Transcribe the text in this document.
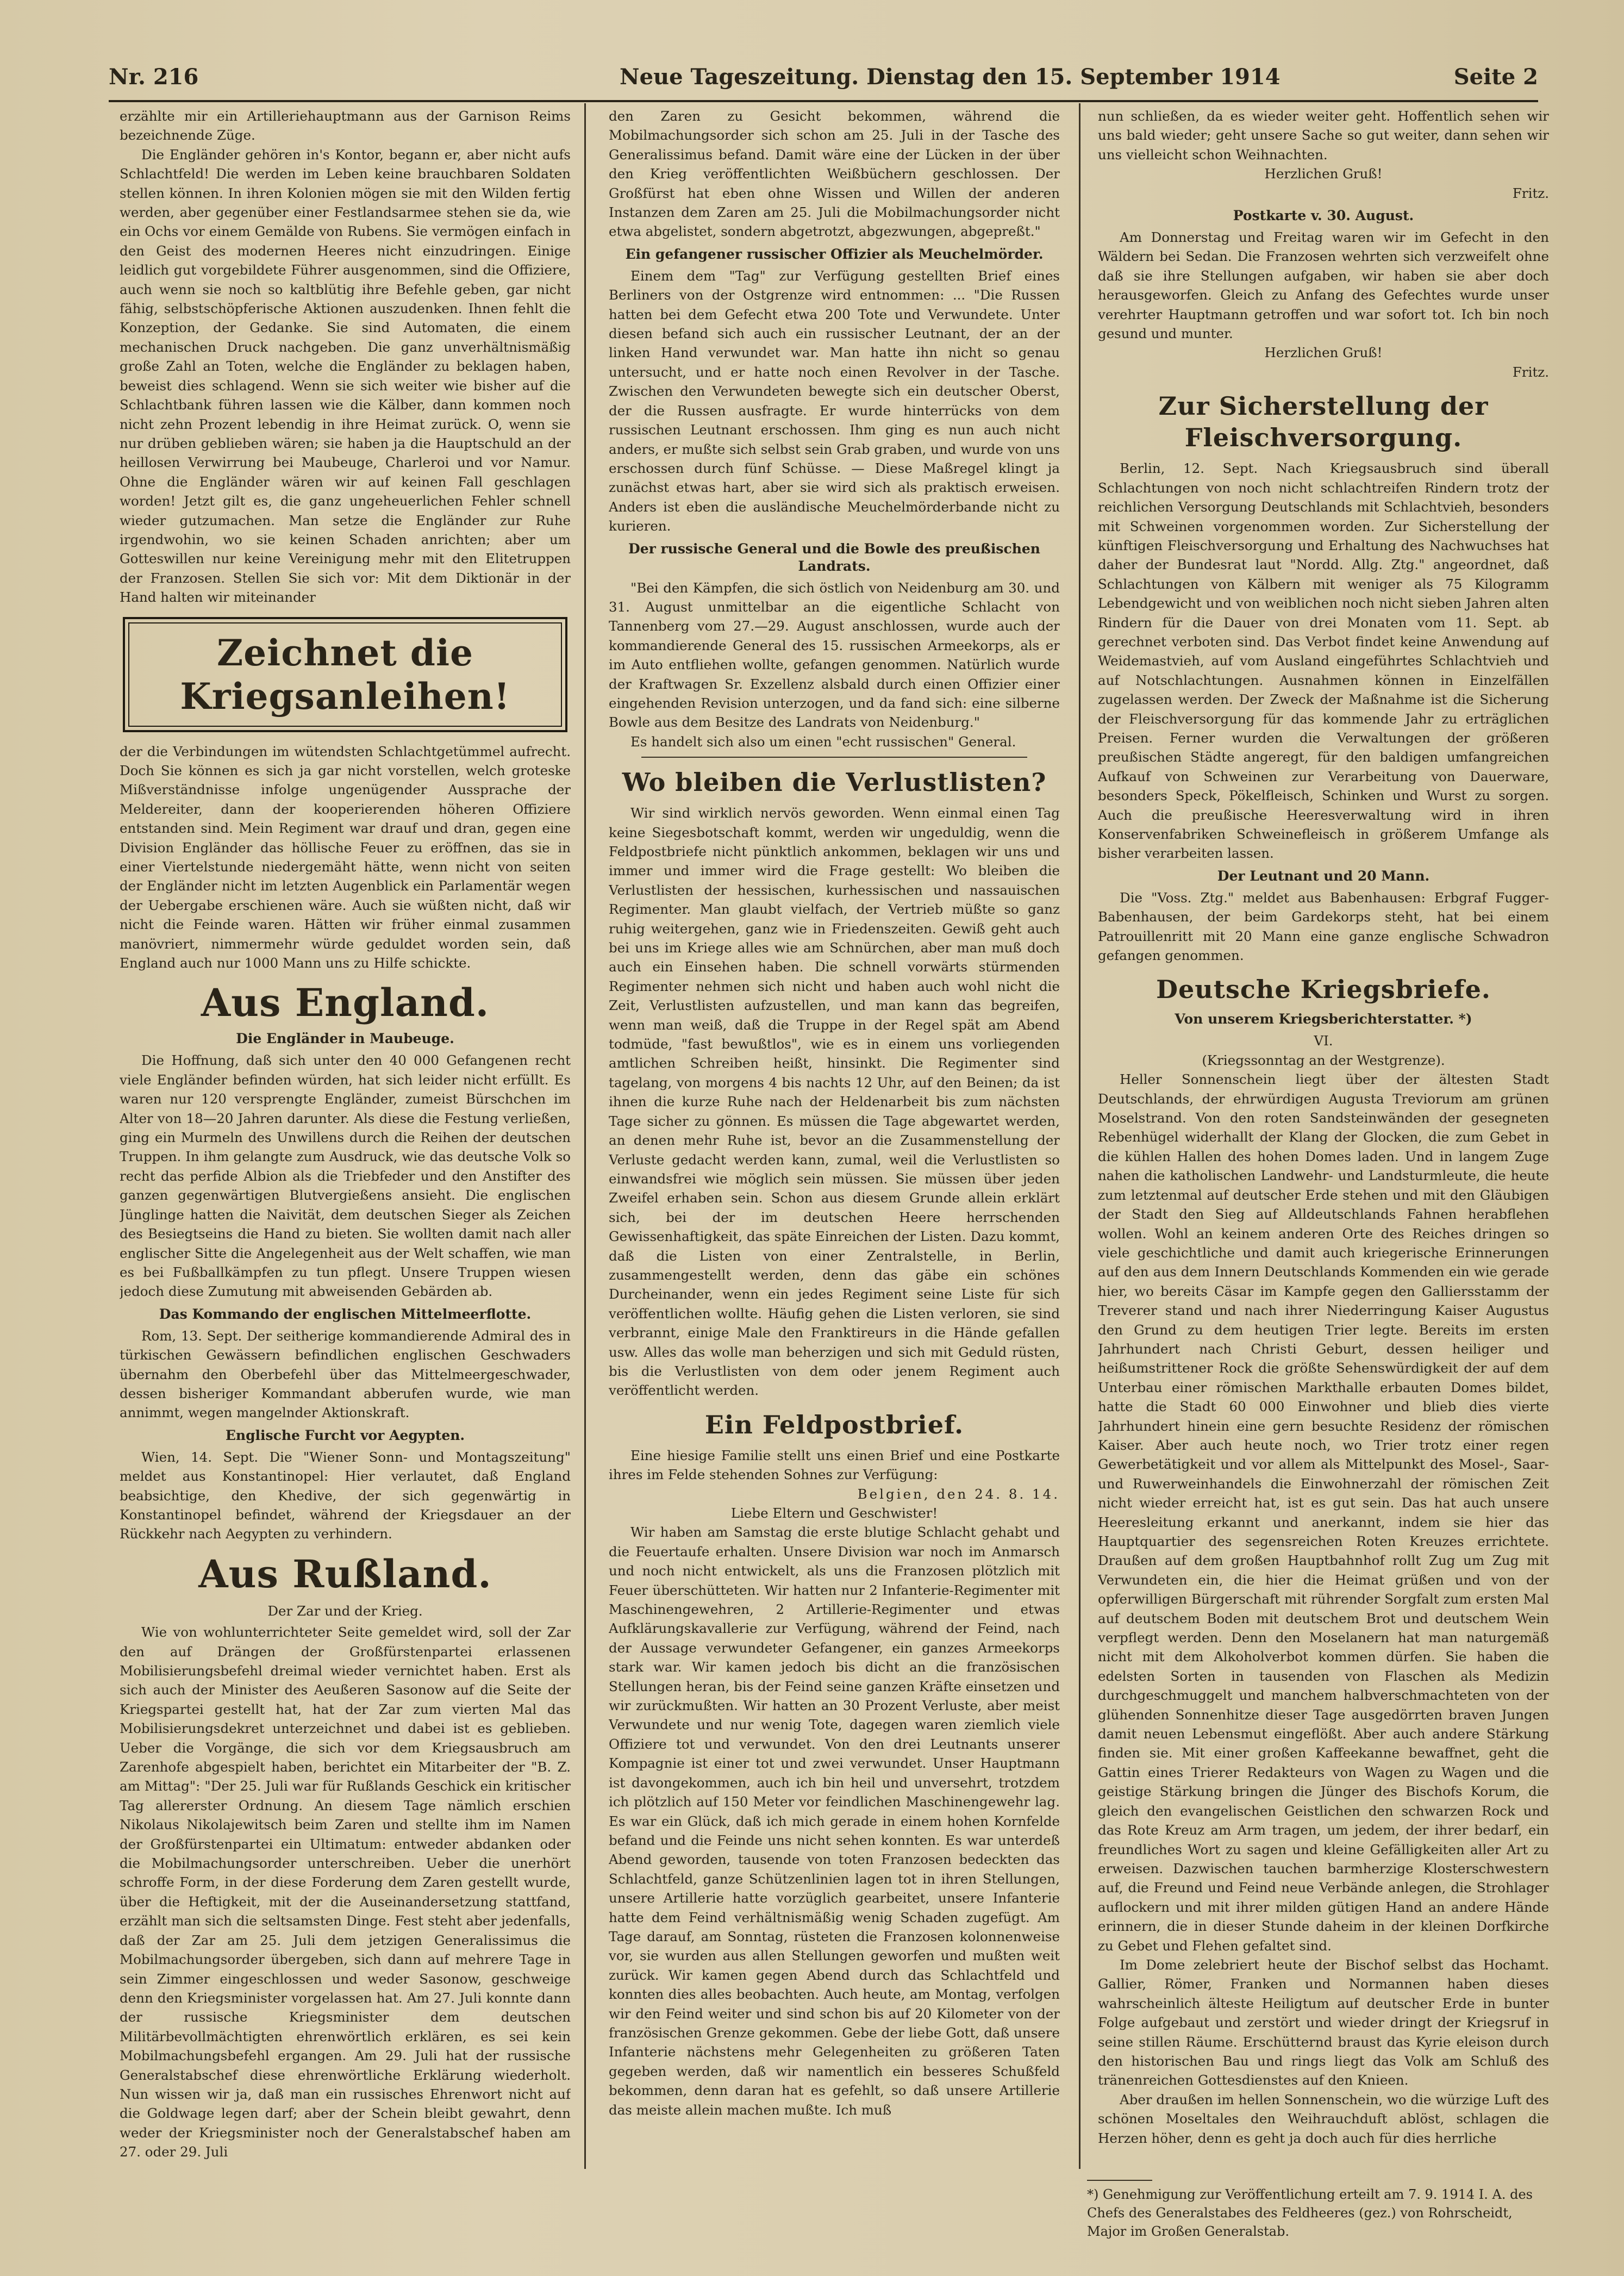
Nr. 216	Neue Tageszeitung. Dienstag den 15. September 1914	Seite 2

erzählte mir ein Artilleriehauptmann aus der Garnison Reims bezeichnende Züge.

Die Engländer gehören in's Kontor, begann er, aber nicht aufs Schlachtfeld! Die werden im Leben keine brauchbaren Soldaten stellen können. In ihren Kolonien mögen sie mit den Wilden fertig werden, aber gegenüber einer Festlandsarmee stehen sie da, wie ein Ochs vor einem Gemälde von Rubens. Sie vermögen einfach in den Geist des modernen Heeres nicht einzudringen. Einige leidlich gut vorgebildete Führer ausgenommen, sind die Offiziere, auch wenn sie noch so kaltblütig ihre Befehle geben, gar nicht fähig, selbstschöpferische Aktionen auszudenken. Ihnen fehlt die Konzeption, der Gedanke. Sie sind Automaten, die einem mechanischen Druck nachgeben. Die ganz unverhältnismäßig große Zahl an Toten, welche die Engländer zu beklagen haben, beweist dies schlagend. Wenn sie sich weiter wie bisher auf die Schlachtbank führen lassen wie die Kälber, dann kommen noch nicht zehn Prozent lebendig in ihre Heimat zurück. O, wenn sie nur drüben geblieben wären; sie haben ja die Hauptschuld an der heillosen Verwirrung bei Maubeuge, Charleroi und vor Namur. Ohne die Engländer wären wir auf keinen Fall geschlagen worden! Jetzt gilt es, die ganz ungeheuerlichen Fehler schnell wieder gutzumachen. Man setze die Engländer zur Ruhe irgendwohin, wo sie keinen Schaden anrichten; aber um Gotteswillen nur keine Vereinigung mehr mit den Elitetruppen der Franzosen. Stellen Sie sich vor: Mit dem Diktionär in der Hand halten wir miteinander

Zeichnet die Kriegsanleihen!

der die Verbindungen im wütendsten Schlachtgetümmel aufrecht. Doch Sie können es sich ja gar nicht vorstellen, welch groteske Mißverständnisse infolge ungenügender Aussprache der Meldereiter, dann der kooperierenden höheren Offiziere entstanden sind. Mein Regiment war drauf und dran, gegen eine Division Engländer das höllische Feuer zu eröffnen, das sie in einer Viertelstunde niedergemäht hätte, wenn nicht von seiten der Engländer nicht im letzten Augenblick ein Parlamentär wegen der Uebergabe erschienen wäre. Auch sie wüßten nicht, daß wir nicht die Feinde waren. Hätten wir früher einmal zusammen manövriert, nimmermehr würde geduldet worden sein, daß England auch nur 1000 Mann uns zu Hilfe schickte.

Aus England.
Die Engländer in Maubeuge.

Die Hoffnung, daß sich unter den 40 000 Gefangenen recht viele Engländer befinden würden, hat sich leider nicht erfüllt. Es waren nur 120 versprengte Engländer, zumeist Bürschchen im Alter von 18—20 Jahren darunter. Als diese die Festung verließen, ging ein Murmeln des Unwillens durch die Reihen der deutschen Truppen. In ihm gelangte zum Ausdruck, wie das deutsche Volk so recht das perfide Albion als die Triebfeder und den Anstifter des ganzen gegenwärtigen Blutvergießens ansieht. Die englischen Jünglinge hatten die Naivität, dem deutschen Sieger als Zeichen des Besiegtseins die Hand zu bieten. Sie wollten damit nach aller englischer Sitte die Angelegenheit aus der Welt schaffen, wie man es bei Fußballkämpfen zu tun pflegt. Unsere Truppen wiesen jedoch diese Zumutung mit abweisenden Gebärden ab.

Das Kommando der englischen Mittelmeerflotte.

Rom, 13. Sept. Der seitherige kommandierende Admiral des in türkischen Gewässern befindlichen englischen Geschwaders übernahm den Oberbefehl über das Mittelmeergeschwader, dessen bisheriger Kommandant abberufen wurde, wie man annimmt, wegen mangelnder Aktionskraft.

Englische Furcht vor Aegypten.

Wien, 14. Sept. Die "Wiener Sonn- und Montagszeitung" meldet aus Konstantinopel: Hier verlautet, daß England beabsichtige, den Khedive, der sich gegenwärtig in Konstantinopel befindet, während der Kriegsdauer an der Rückkehr nach Aegypten zu verhindern.

Aus Rußland.
Der Zar und der Krieg.

Wie von wohlunterrichteter Seite gemeldet wird, soll der Zar den auf Drängen der Großfürstenpartei erlassenen Mobilisierungsbefehl dreimal wieder vernichtet haben. Erst als sich auch der Minister des Aeußeren Sasonow auf die Seite der Kriegspartei gestellt hat, hat der Zar zum vierten Mal das Mobilisierungsdekret unterzeichnet und dabei ist es geblieben. Ueber die Vorgänge, die sich vor dem Kriegsausbruch am Zarenhofe abgespielt haben, berichtet ein Mitarbeiter der "B. Z. am Mittag": "Der 25. Juli war für Rußlands Geschick ein kritischer Tag allererster Ordnung. An diesem Tage nämlich erschien Nikolaus Nikolajewitsch beim Zaren und stellte ihm im Namen der Großfürstenpartei ein Ultimatum: entweder abdanken oder die Mobilmachungsorder unterschreiben. Ueber die unerhört schroffe Form, in der diese Forderung dem Zaren gestellt wurde, über die Heftigkeit, mit der die Auseinandersetzung stattfand, erzählt man sich die seltsamsten Dinge. Fest steht aber jedenfalls, daß der Zar am 25. Juli dem jetzigen Generalissimus die Mobilmachungsorder übergeben, sich dann auf mehrere Tage in sein Zimmer eingeschlossen und weder Sasonow, geschweige denn den Kriegsminister vorgelassen hat. Am 27. Juli konnte dann der russische Kriegsminister dem deutschen Militärbevollmächtigten ehrenwörtlich erklären, es sei kein Mobilmachungsbefehl ergangen. Am 29. Juli hat der russische Generalstabschef diese ehrenwörtliche Erklärung wiederholt. Nun wissen wir ja, daß man ein russisches Ehrenwort nicht auf die Goldwage legen darf; aber der Schein bleibt gewahrt, denn weder der Kriegsminister noch der Generalstabschef haben am 27. oder 29. Juli

den Zaren zu Gesicht bekommen, während die Mobilmachungsorder sich schon am 25. Juli in der Tasche des Generalissimus befand. Damit wäre eine der Lücken in der über den Krieg veröffentlichten Weißbüchern geschlossen. Der Großfürst hat eben ohne Wissen und Willen der anderen Instanzen dem Zaren am 25. Juli die Mobilmachungsorder nicht etwa abgelistet, sondern abgetrotzt, abgezwungen, abgepreßt."

Ein gefangener russischer Offizier als Meuchelmörder.

Einem dem "Tag" zur Verfügung gestellten Brief eines Berliners von der Ostgrenze wird entnommen: ... "Die Russen hatten bei dem Gefecht etwa 200 Tote und Verwundete. Unter diesen befand sich auch ein russischer Leutnant, der an der linken Hand verwundet war. Man hatte ihn nicht so genau untersucht, und er hatte noch einen Revolver in der Tasche. Zwischen den Verwundeten bewegte sich ein deutscher Oberst, der die Russen ausfragte. Er wurde hinterrücks von dem russischen Leutnant erschossen. Ihm ging es nun auch nicht anders, er mußte sich selbst sein Grab graben, und wurde von uns erschossen durch fünf Schüsse. — Diese Maßregel klingt ja zunächst etwas hart, aber sie wird sich als praktisch erweisen. Anders ist eben die ausländische Meuchelmörderbande nicht zu kurieren.

Der russische General und die Bowle des preußischen Landrats.

"Bei den Kämpfen, die sich östlich von Neidenburg am 30. und 31. August unmittelbar an die eigentliche Schlacht von Tannenberg vom 27.—29. August anschlossen, wurde auch der kommandierende General des 15. russischen Armeekorps, als er im Auto entfliehen wollte, gefangen genommen. Natürlich wurde der Kraftwagen Sr. Exzellenz alsbald durch einen Offizier einer eingehenden Revision unterzogen, und da fand sich: eine silberne Bowle aus dem Besitze des Landrats von Neidenburg."

Es handelt sich also um einen "echt russischen" General.

Wo bleiben die Verlustlisten?

Wir sind wirklich nervös geworden. Wenn einmal einen Tag keine Siegesbotschaft kommt, werden wir ungeduldig, wenn die Feldpostbriefe nicht pünktlich ankommen, beklagen wir uns und immer und immer wird die Frage gestellt: Wo bleiben die Verlustlisten der hessischen, kurhessischen und nassauischen Regimenter. Man glaubt vielfach, der Vertrieb müßte so ganz ruhig weitergehen, ganz wie in Friedenszeiten. Gewiß geht auch bei uns im Kriege alles wie am Schnürchen, aber man muß doch auch ein Einsehen haben. Die schnell vorwärts stürmenden Regimenter nehmen sich nicht und haben auch wohl nicht die Zeit, Verlustlisten aufzustellen, und man kann das begreifen, wenn man weiß, daß die Truppe in der Regel spät am Abend todmüde, "fast bewußtlos", wie es in einem uns vorliegenden amtlichen Schreiben heißt, hinsinkt. Die Regimenter sind tagelang, von morgens 4 bis nachts 12 Uhr, auf den Beinen; da ist ihnen die kurze Ruhe nach der Heldenarbeit bis zum nächsten Tage sicher zu gönnen. Es müssen die Tage abgewartet werden, an denen mehr Ruhe ist, bevor an die Zusammenstellung der Verluste gedacht werden kann, zumal, weil die Verlustlisten so einwandsfrei wie möglich sein müssen. Sie müssen über jeden Zweifel erhaben sein. Schon aus diesem Grunde allein erklärt sich, bei der im deutschen Heere herrschenden Gewissenhaftigkeit, das späte Einreichen der Listen. Dazu kommt, daß die Listen von einer Zentralstelle, in Berlin, zusammengestellt werden, denn das gäbe ein schönes Durcheinander, wenn ein jedes Regiment seine Liste für sich veröffentlichen wollte. Häufig gehen die Listen verloren, sie sind verbrannt, einige Male den Franktireurs in die Hände gefallen usw. Alles das wolle man beherzigen und sich mit Geduld rüsten, bis die Verlustlisten von dem oder jenem Regiment auch veröffentlicht werden.

Ein Feldpostbrief.

Eine hiesige Familie stellt uns einen Brief und eine Postkarte ihres im Felde stehenden Sohnes zur Verfügung:

Belgien, den 24. 8. 14.
Liebe Eltern und Geschwister!

Wir haben am Samstag die erste blutige Schlacht gehabt und die Feuertaufe erhalten. Unsere Division war noch im Anmarsch und noch nicht entwickelt, als uns die Franzosen plötzlich mit Feuer überschütteten. Wir hatten nur 2 Infanterie-Regimenter mit Maschinengewehren, 2 Artillerie-Regimenter und etwas Aufklärungskavallerie zur Verfügung, während der Feind, nach der Aussage verwundeter Gefangener, ein ganzes Armeekorps stark war. Wir kamen jedoch bis dicht an die französischen Stellungen heran, bis der Feind seine ganzen Kräfte einsetzen und wir zurückmußten. Wir hatten an 30 Prozent Verluste, aber meist Verwundete und nur wenig Tote, dagegen waren ziemlich viele Offiziere tot und verwundet. Von den drei Leutnants unserer Kompagnie ist einer tot und zwei verwundet. Unser Hauptmann ist davongekommen, auch ich bin heil und unversehrt, trotzdem ich plötzlich auf 150 Meter vor feindlichen Maschinengewehr lag. Es war ein Glück, daß ich mich gerade in einem hohen Kornfelde befand und die Feinde uns nicht sehen konnten. Es war unterdeß Abend geworden, tausende von toten Franzosen bedeckten das Schlachtfeld, ganze Schützenlinien lagen tot in ihren Stellungen, unsere Artillerie hatte vorzüglich gearbeitet, unsere Infanterie hatte dem Feind verhältnismäßig wenig Schaden zugefügt. Am Tage darauf, am Sonntag, rüsteten die Franzosen kolonnenweise vor, sie wurden aus allen Stellungen geworfen und mußten weit zurück. Wir kamen gegen Abend durch das Schlachtfeld und konnten dies alles beobachten. Auch heute, am Montag, verfolgen wir den Feind weiter und sind schon bis auf 20 Kilometer von der französischen Grenze gekommen. Gebe der liebe Gott, daß unsere Infanterie nächstens mehr Gelegenheiten zu größeren Taten gegeben werden, daß wir namentlich ein besseres Schußfeld bekommen, denn daran hat es gefehlt, so daß unsere Artillerie das meiste allein machen mußte. Ich muß

nun schließen, da es wieder weiter geht. Hoffentlich sehen wir uns bald wieder; geht unsere Sache so gut weiter, dann sehen wir uns vielleicht schon Weihnachten.

Herzlichen Gruß!
Fritz.
Postkarte v. 30. August.

Am Donnerstag und Freitag waren wir im Gefecht in den Wäldern bei Sedan. Die Franzosen wehrten sich verzweifelt ohne daß sie ihre Stellungen aufgaben, wir haben sie aber doch herausgeworfen. Gleich zu Anfang des Gefechtes wurde unser verehrter Hauptmann getroffen und war sofort tot. Ich bin noch gesund und munter.

Herzlichen Gruß!
Fritz.
Zur Sicherstellung der Fleischversorgung.

Berlin, 12. Sept. Nach Kriegsausbruch sind überall Schlachtungen von noch nicht schlachtreifen Rindern trotz der reichlichen Versorgung Deutschlands mit Schlachtvieh, besonders mit Schweinen vorgenommen worden. Zur Sicherstellung der künftigen Fleischversorgung und Erhaltung des Nachwuchses hat daher der Bundesrat laut "Nordd. Allg. Ztg." angeordnet, daß Schlachtungen von Kälbern mit weniger als 75 Kilogramm Lebendgewicht und von weiblichen noch nicht sieben Jahren alten Rindern für die Dauer von drei Monaten vom 11. Sept. ab gerechnet verboten sind. Das Verbot findet keine Anwendung auf Weidemastvieh, auf vom Ausland eingeführtes Schlachtvieh und auf Notschlachtungen. Ausnahmen können in Einzelfällen zugelassen werden. Der Zweck der Maßnahme ist die Sicherung der Fleischversorgung für das kommende Jahr zu erträglichen Preisen. Ferner wurden die Verwaltungen der größeren preußischen Städte angeregt, für den baldigen umfangreichen Aufkauf von Schweinen zur Verarbeitung von Dauerware, besonders Speck, Pökelfleisch, Schinken und Wurst zu sorgen. Auch die preußische Heeresverwaltung wird in ihren Konservenfabriken Schweinefleisch in größerem Umfange als bisher verarbeiten lassen.

Der Leutnant und 20 Mann.

Die "Voss. Ztg." meldet aus Babenhausen: Erbgraf Fugger-Babenhausen, der beim Gardekorps steht, hat bei einem Patrouillenritt mit 20 Mann eine ganze englische Schwadron gefangen genommen.

Deutsche Kriegsbriefe.
Von unserem Kriegsberichterstatter. *)
VI.
(Kriegssonntag an der Westgrenze).

Heller Sonnenschein liegt über der ältesten Stadt Deutschlands, der ehrwürdigen Augusta Treviorum am grünen Moselstrand. Von den roten Sandsteinwänden der gesegneten Rebenhügel widerhallt der Klang der Glocken, die zum Gebet in die kühlen Hallen des hohen Domes laden. Und in langem Zuge nahen die katholischen Landwehr- und Landsturmleute, die heute zum letztenmal auf deutscher Erde stehen und mit den Gläubigen der Stadt den Sieg auf Alldeutschlands Fahnen herabflehen wollen. Wohl an keinem anderen Orte des Reiches dringen so viele geschichtliche und damit auch kriegerische Erinnerungen auf den aus dem Innern Deutschlands Kommenden ein wie gerade hier, wo bereits Cäsar im Kampfe gegen den Galliersstamm der Treverer stand und nach ihrer Niederringung Kaiser Augustus den Grund zu dem heutigen Trier legte. Bereits im ersten Jahrhundert nach Christi Geburt, dessen heiliger und heißumstrittener Rock die größte Sehenswürdigkeit der auf dem Unterbau einer römischen Markthalle erbauten Domes bildet, hatte die Stadt 60 000 Einwohner und blieb dies vierte Jahrhundert hinein eine gern besuchte Residenz der römischen Kaiser. Aber auch heute noch, wo Trier trotz einer regen Gewerbetätigkeit und vor allem als Mittelpunkt des Mosel-, Saar- und Ruwerweinhandels die Einwohnerzahl der römischen Zeit nicht wieder erreicht hat, ist es gut sein. Das hat auch unsere Heeresleitung erkannt und anerkannt, indem sie hier das Hauptquartier des segensreichen Roten Kreuzes errichtete. Draußen auf dem großen Hauptbahnhof rollt Zug um Zug mit Verwundeten ein, die hier die Heimat grüßen und von der opferwilligen Bürgerschaft mit rührender Sorgfalt zum ersten Mal auf deutschem Boden mit deutschem Brot und deutschem Wein verpflegt werden. Denn den Moselanern hat man naturgemäß nicht mit dem Alkoholverbot kommen dürfen. Sie haben die edelsten Sorten in tausenden von Flaschen als Medizin durchgeschmuggelt und manchem halbverschmachteten von der glühenden Sonnenhitze dieser Tage ausgedörrten braven Jungen damit neuen Lebensmut eingeflößt. Aber auch andere Stärkung finden sie. Mit einer großen Kaffeekanne bewaffnet, geht die Gattin eines Trierer Redakteurs von Wagen zu Wagen und die geistige Stärkung bringen die Jünger des Bischofs Korum, die gleich den evangelischen Geistlichen den schwarzen Rock und das Rote Kreuz am Arm tragen, um jedem, der ihrer bedarf, ein freundliches Wort zu sagen und kleine Gefälligkeiten aller Art zu erweisen. Dazwischen tauchen barmherzige Klosterschwestern auf, die Freund und Feind neue Verbände anlegen, die Strohlager auflockern und mit ihrer milden gütigen Hand an andere Hände erinnern, die in dieser Stunde daheim in der kleinen Dorfkirche zu Gebet und Flehen gefaltet sind.

Im Dome zelebriert heute der Bischof selbst das Hochamt. Gallier, Römer, Franken und Normannen haben dieses wahrscheinlich älteste Heiligtum auf deutscher Erde in bunter Folge aufgebaut und zerstört und wieder dringt der Kriegsruf in seine stillen Räume. Erschütternd braust das Kyrie eleison durch den historischen Bau und rings liegt das Volk am Schluß des tränenreichen Gottesdienstes auf den Knieen.

Aber draußen im hellen Sonnenschein, wo die würzige Luft des schönen Moseltales den Weihrauchduft ablöst, schlagen die Herzen höher, denn es geht ja doch auch für dies herrliche

*) Genehmigung zur Veröffentlichung erteilt am 7. 9. 1914 I. A. des Chefs des Generalstabes des Feldheeres (gez.) von Rohrscheidt, Major im Großen Generalstab.
